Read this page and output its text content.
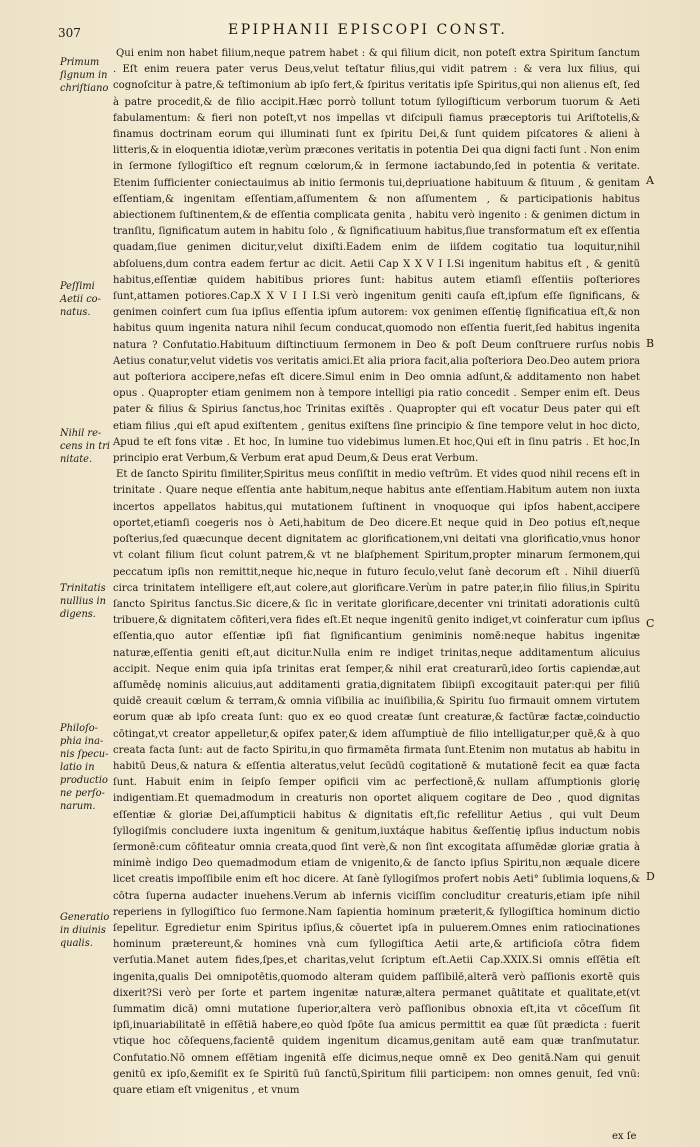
307	EPIPHANII EPISCOPI CONST.

Qui enim non habet filium,neque patrem habet : & qui filium dicit, non poteſt extra Spiritum ſanctum . Eſt enim reuera pater verus Deus,velut teſtatur filius,qui vidit patrem : & vera lux filius, qui cognoſcitur à patre,& teſtimonium ab ipſo fert,& ſpiritus veritatis ipſe Spiritus,qui non alienus eſt, ſed à patre procedit,& de filio accipit.Hæc porrò tollunt totum ſyllogiſticum verborum tuorum & Aeti fabulamentum: & fieri non poteſt,vt nos impellas vt diſcipuli fiamus præceptoris tui Ariſtotelis,& finamus doctrinam eorum qui illuminati ſunt ex ſpiritu Dei,& ſunt quidem piſcatores & alieni à litteris,& in eloquentia idiotæ,verùm præcones veritatis in potentia Dei qua digni facti ſunt . Non enim in ſermone ſyllogiſtico eſt regnum cœlorum,& in ſermone iactabundo,ſed in potentia & veritate. Etenim ſufficienter coniectauimus ab initio ſermonis tui,depriuatione habituum & ſituum , & genitam eſſentiam,& ingenitam eſſentiam,aſſumentem & non aſſumentem , & participationis habitus abiectionem ſuſtinentem,& de eſſentia complicata genita , habitu verò ingenito : & genimen dictum in tranſitu, ſignificatum autem in habitu ſolo , & ſignificatiuum habitus,ſiue transformatum eſt ex eſſentia quadam,ſiue genimen dicitur,velut dixiſti.Eadem enim de iiſdem cogitatio tua loquitur,nihil abſoluens,dum contra eadem fertur ac dicit. Aetii Cap X X V I I.Si ingenitum habitus eſt , & genitū habitus,eſſentiæ quidem habitibus priores ſunt: habitus autem etiamſi eſſentiis poſteriores ſunt,attamen potiores.Cap.X X V I I I.Si verò ingenitum geniti cauſa eſt,ipſum eſſe ſignificans, & genimen coinfert cum ſua ipſius eſſentia ipſum autorem: vox genimen eſſentię ſignificatiua eſt,& non habitus quum ingenita natura nihil ſecum conducat,quomodo non eſſentia fuerit,ſed habitus ingenita natura ? Confutatio.Habituum diſtinctiuum ſermonem in Deo & poſt Deum conſtruere rurſus nobis Aetius conatur,velut videtis vos veritatis amici.Et alia priora facit,alia poſteriora Deo.Deo autem priora aut poſteriora accipere,nefas eſt dicere.Simul enim in Deo omnia adſunt,& additamento non habet opus . Quapropter etiam genimem non à tempore intelligi pia ratio concedit . Semper enim eſt. Deus pater & filius & Spirius ſanctus,hoc Trinitas exiſtēs . Quapropter qui eſt vocatur Deus pater qui eſt etiam filius ,qui eſt apud exiſtentem , genitus exiſtens ſine principio & ſine tempore velut in hoc dicto, Apud te eſt fons vitæ . Et hoc, In lumine tuo videbimus lumen.Et hoc,Qui eſt in ſinu patris . Et hoc,In principio erat Verbum,& Verbum erat apud Deum,& Deus erat Verbum.

Et de ſancto Spiritu ſimiliter,Spiritus meus conſiſtit in medio veſtrūm. Et vides quod nihil recens eſt in trinitate . Quare neque eſſentia ante habitum,neque habitus ante eſſentiam.Habitum autem non iuxta incertos appellatos habitus,qui mutationem ſuſtinent in vnoquoque qui ipſos habent,accipere oportet,etiamſi coegeris nos ò Aeti,habitum de Deo dicere.Et neque quid in Deo potius eſt,neque poſterius,ſed quæcunque decent dignitatem ac glorificationem,vni deitati vna glorificatio,vnus honor vt colant filium ſicut colunt patrem,& vt ne blaſphement Spiritum,propter minarum ſermonem,qui peccatum ipſis non remittit,neque hic,neque in futuro ſeculo,velut ſanè decorum eſt . Nihil diuerſū circa trinitatem intelligere eſt,aut colere,aut glorificare.Verùm in patre pater,in filio filius,in Spiritu ſancto Spiritus ſanctus.Sic dicere,& ſic in veritate glorificare,decenter vni trinitati adorationis cultū tribuere,& dignitatem cōfiteri,vera fides eſt.Et neque ingenitū genito indiget,vt coinferatur cum ipſius eſſentia,quo autor eſſentiæ ipſi fiat ſignificantium geniminis nomē:neque habitus ingenitæ naturæ,eſſentia geniti eſt,aut dicitur.Nulla enim re indiget trinitas,neque additamentum alicuius accipit. Neque enim quia ipſa trinitas erat ſemper,& nihil erat creaturarū,ideo ſortis capiendæ,aut aſſumēdę nominis alicuius,aut additamenti gratia,dignitatem ſibiipſi excogitauit pater:qui per filiū quidē creauit cœlum & terram,& omnia viſibilia ac inuiſibilia,& Spiritu ſuo firmauit omnem virtutem eorum quæ ab ipſo creata ſunt: quo ex eo quod creatæ ſunt creaturæ,& factūræ factæ,coinductio cōtingat,vt creator appelletur,& opifex pater,& idem aſſumptiuè de filio intelligatur,per quē,& à quo creata facta ſunt: aut de facto Spiritu,in quo firmamēta firmata ſunt.Etenim non mutatus ab habitu in habitū Deus,& natura & eſſentia alteratus,velut ſecūdū cogitationē & mutationē fecit ea quæ facta ſunt. Habuit enim in ſeipſo ſemper opificii vim ac perfectionē,& nullam aſſumptionis glorię indigentiam.Et quemadmodum in creaturis non oportet aliquem cogitare de Deo , quod dignitas eſſentiæ & gloriæ Dei,aſſumpticii habitus & dignitatis eſt,ſic refellitur Aetius , qui vult Deum ſyllogiſmis concludere iuxta ingenitum & genitum,iuxtáque habitus &eſſentię ipſius inductum nobis ſermonē:cum cōfiteatur omnia creata,quod ſint verè,& non ſint excogitata aſſumēdæ gloriæ gratia à minimè indigo Deo quemadmodum etiam de vnigenito,& de ſancto ipſius Spiritu,non æquale dicere licet creatis impoſſibile enim eſt hoc dicere. At ſanè ſyllogiſmos profert nobis Aeti° ſublimia loquens,& cōtra ſuperna audacter inuehens.Verum ab infernis viciſſim concluditur creaturis,etiam ipſe nihil reperiens in ſyllogiſtico ſuo ſermone.Nam ſapientia hominum præterit,& ſyllogiſtica hominum dictio ſepelitur. Egredietur enim Spiritus ipſius,& cōuertet ipſa in puluerem.Omnes enim ratiocinationes hominum prætereunt,& homines vnà cum ſyllogiſtica Aetii arte,& artificioſa cōtra fidem verſutia.Manet autem fides,ſpes,et charitas,velut ſcriptum eſt.Aetii Cap.XXIX.Si omnis eſſētia eſt ingenita,qualis Dei omnipotētis,quomodo alteram quidem paſſibilē,alterā verò paſſionis exortē quis dixerit?Si verò per ſorte et partem ingenitæ naturæ,altera permanet quātitate et qualitate,et(vt ſummatim dicā) omni mutatione ſuperior,altera verò paſſionibus obnoxia eſt,ita vt cōceſſum ſit ipſi,inuariabilitatē in eſſētiā habere,eo quòd ſpōte ſua amicus permittit ea quæ ſūt prædicta : fuerit vtique hoc cōſequens,facientē quidem ingenitum dicamus,genitam autē eam quæ tranſmutatur. Confutatio.Nō omnem eſſētiam ingenitā eſſe dicimus,neque omnē ex Deo genitā.Nam qui genuit genitū ex ipſo,&emiſit ex ſe Spiritū ſuū ſanctū,Spiritum filii participem: non omnes genuit, ſed vnū: quare etiam eſt vnigenitus , et vnum

Primum
ſignum in
chriſtiano
Peſſimi
Aetii co-
natus.
Nihil re-
cens in tri
nitate.
Trinitatis
nullius in
digens.
Philoſo-
phia ina-
nis ſpecu-
latio in
productio
ne perſo-
narum.
Generatio
in diuinis
qualis.
A
B
C
D
ex ſe
